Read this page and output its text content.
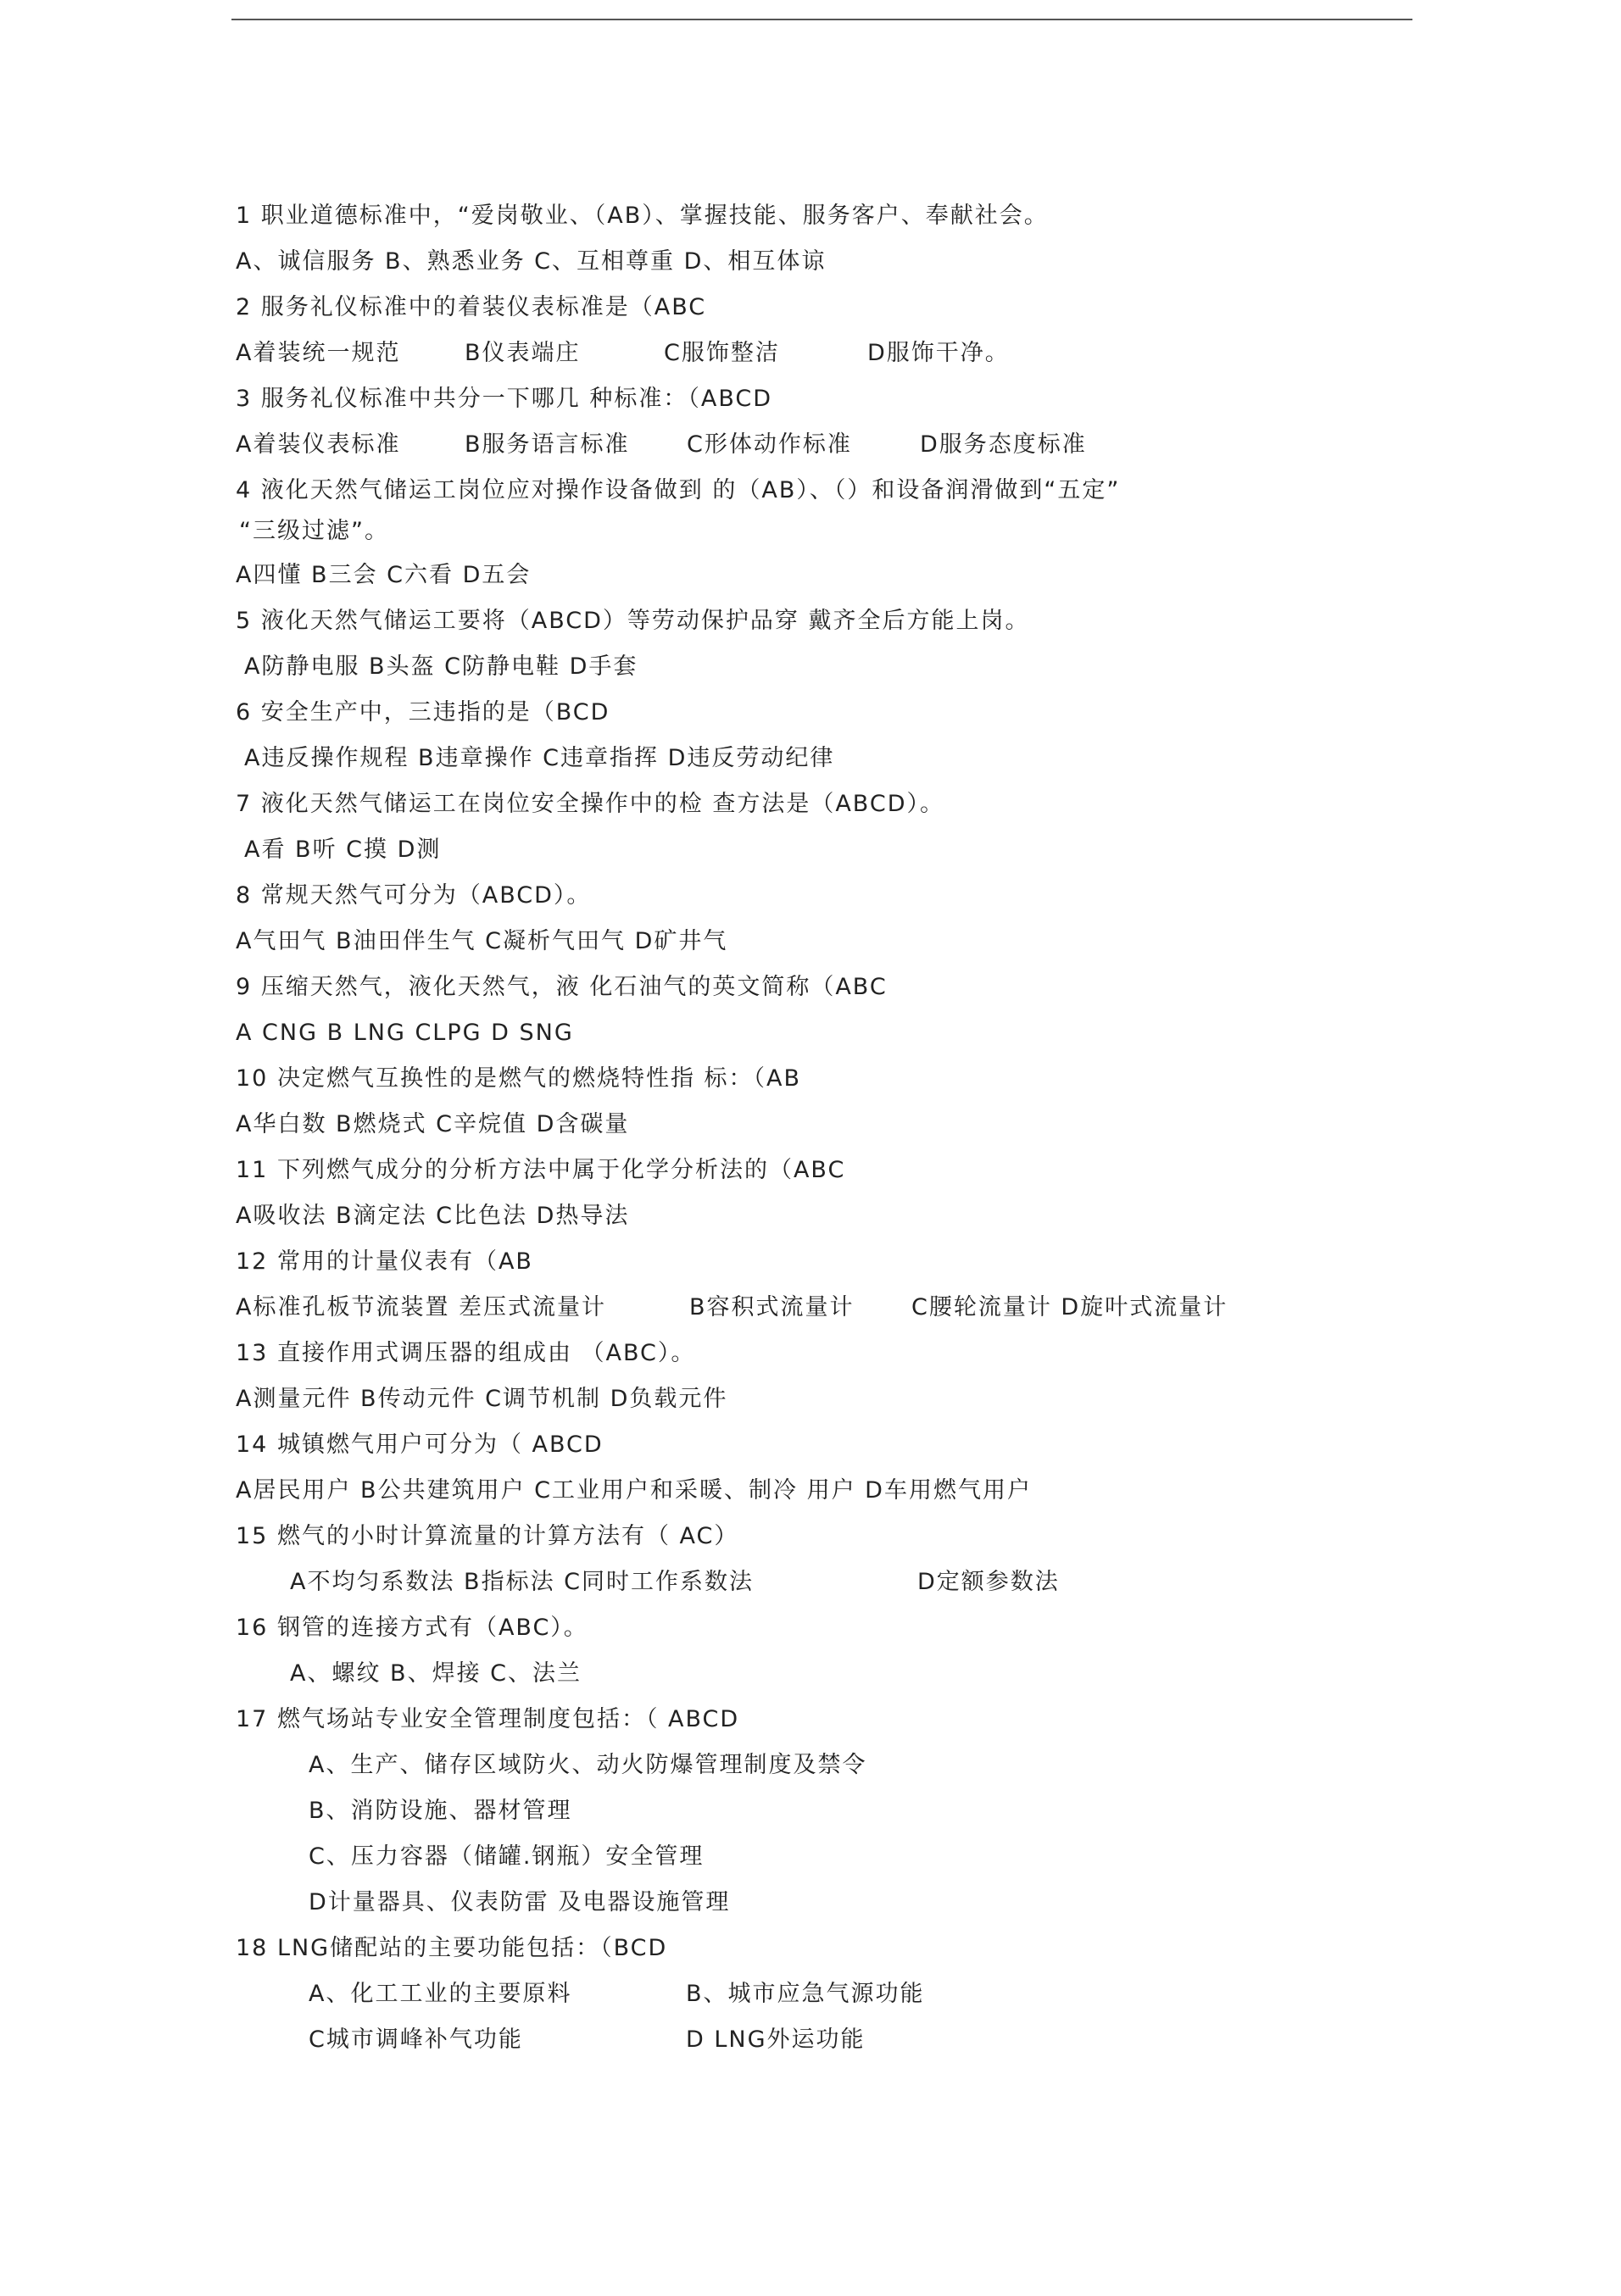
1 职业道德标准中，“爱岗敬业、（AB）、掌握技能、服务客户、奉献社会。
A、诚信服务 B、熟悉业务 C、互相尊重 D、相互体谅
2 服务礼仪标准中的着装仪表标准是（ABC
A着装统一规范	B仪表端庄	C服饰整洁	D服饰干净。
3 服务礼仪标准中共分一下哪几 种标准：（ABCD
A着装仪表标准	B服务语言标准 C形体动作标准	D服务态度标准
4 液化天然气储运工岗位应对操作设备做到 的（AB）、（）和设备润滑做到“五定”
“三级过滤”。
A四懂 B三会 C六看 D五会
5 液化天然气储运工要将（ABCD）等劳动保护品穿 戴齐全后方能上岗。
A防静电服 B头盔 C防静电鞋 D手套
6 安全生产中，三违指的是（BCD
A违反操作规程 B违章操作 C违章指挥 D违反劳动纪律
7 液化天然气储运工在岗位安全操作中的检 查方法是（ABCD）。
A看 B听 C摸 D测
8 常规天然气可分为（ABCD）。
A气田气 B油田伴生气 C凝析气田气 D矿井气
9 压缩天然气，液化天然气，液 化石油气的英文简称（ABC
A CNG B LNG CLPG D SNG
10 决定燃气互换性的是燃气的燃烧特性指 标：（AB
A华白数 B燃烧式 C辛烷值 D含碳量
11 下列燃气成分的分析方法中属于化学分析法的（ABC
A吸收法 B滴定法 C比色法 D热导法
12 常用的计量仪表有（AB
A标准孔板节流装置 差压式流量计	B容积式流量计 C腰轮流量计 D旋叶式流量计
13 直接作用式调压器的组成由 （ABC）。
A测量元件 B传动元件 C调节机制 D负载元件
14 城镇燃气用户可分为（ ABCD
A居民用户 B公共建筑用户 C工业用户和采暖、制冷 用户 D车用燃气用户
15 燃气的小时计算流量的计算方法有（ AC）
A不均匀系数法 B指标法 C同时工作系数法	D定额参数法
16 钢管的连接方式有（ABC）。
A、螺纹 B、焊接 C、法兰
17 燃气场站专业安全管理制度包括：（ ABCD
A、生产、储存区域防火、动火防爆管理制度及禁令
B、消防设施、器材管理
C、压力容器（储罐.钢瓶）安全管理
D计量器具、仪表防雷 及电器设施管理
18 LNG储配站的主要功能包括：（BCD
A、化工工业的主要原料	B、城市应急气源功能
C城市调峰补气功能	D LNG外运功能
